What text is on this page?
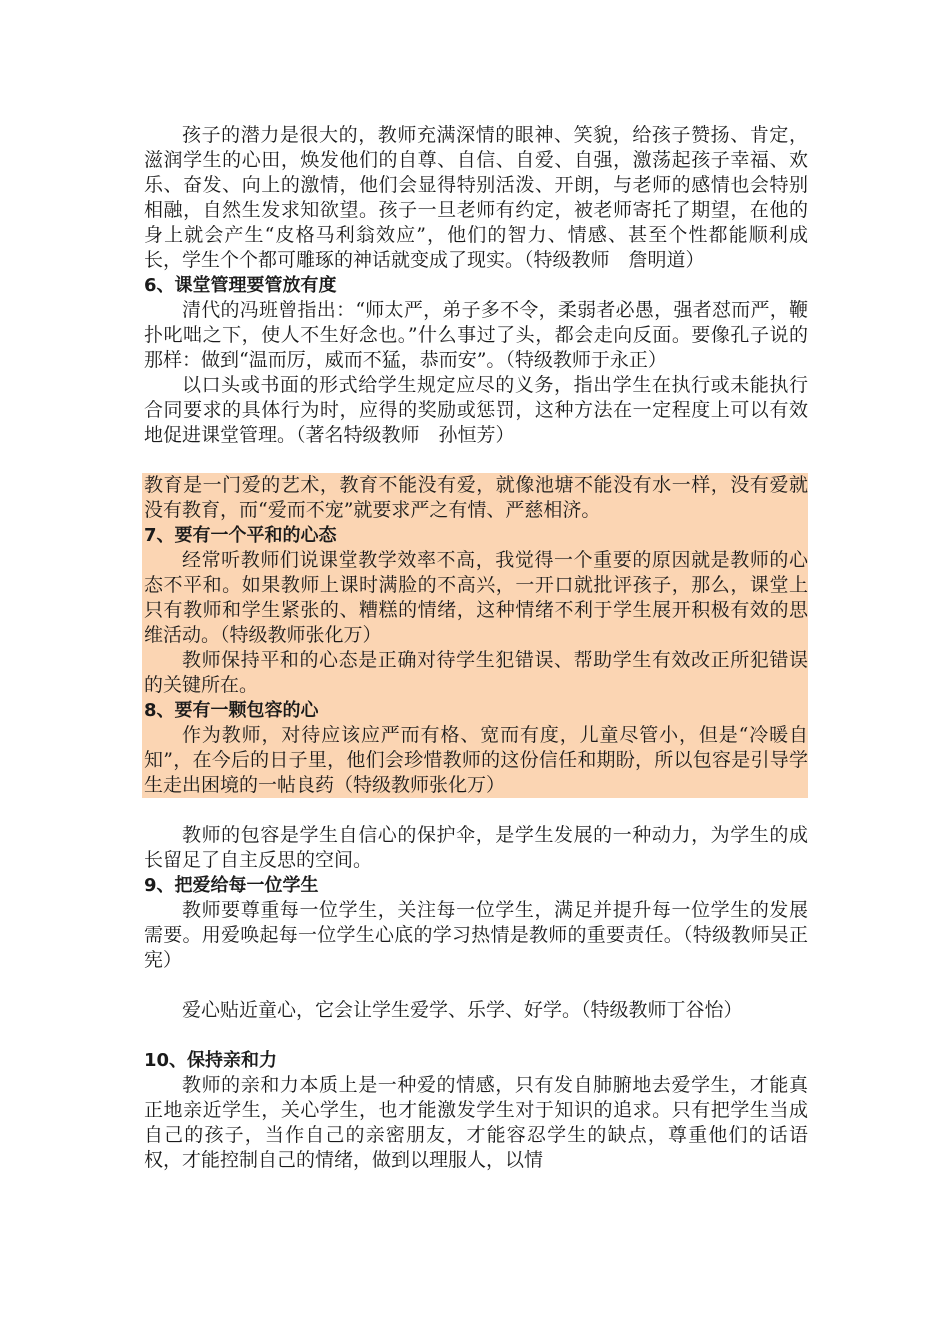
孩子的潜力是很大的，教师充满深情的眼神、笑貌，给孩子赞扬、肯定，滋润学生的心田，焕发他们的自尊、自信、自爱、自强，激荡起孩子幸福、欢乐、奋发、向上的激情，他们会显得特别活泼、开朗，与老师的感情也会特别相融，自然生发求知欲望。孩子一旦老师有约定，被老师寄托了期望，在他的身上就会产生“皮格马利翁效应”，他们的智力、情感、甚至个性都能顺利成长，学生个个都可雕琢的神话就变成了现实。（特级教师　詹明道）

6、课堂管理要管放有度

清代的冯班曾指出：“师太严，弟子多不令，柔弱者必愚，强者怼而严，鞭扑叱咄之下，使人不生好念也。”什么事过了头，都会走向反面。要像孔子说的那样：做到“温而厉，威而不猛，恭而安”。（特级教师于永正）

以口头或书面的形式给学生规定应尽的义务，指出学生在执行或未能执行合同要求的具体行为时，应得的奖励或惩罚，这种方法在一定程度上可以有效地促进课堂管理。（著名特级教师　孙恒芳）

教育是一门爱的艺术，教育不能没有爱，就像池塘不能没有水一样，没有爱就没有教育，而“爱而不宠”就要求严之有情、严慈相济。

7、要有一个平和的心态

经常听教师们说课堂教学效率不高，我觉得一个重要的原因就是教师的心态不平和。如果教师上课时满脸的不高兴，一开口就批评孩子，那么，课堂上只有教师和学生紧张的、糟糕的情绪，这种情绪不利于学生展开积极有效的思维活动。（特级教师张化万）

教师保持平和的心态是正确对待学生犯错误、帮助学生有效改正所犯错误的关键所在。

8、要有一颗包容的心

作为教师，对待应该应严而有格、宽而有度，儿童尽管小，但是“冷暖自知”，在今后的日子里，他们会珍惜教师的这份信任和期盼，所以包容是引导学生走出困境的一帖良药（特级教师张化万）

教师的包容是学生自信心的保护伞，是学生发展的一种动力，为学生的成长留足了自主反思的空间。

9、把爱给每一位学生

教师要尊重每一位学生，关注每一位学生，满足并提升每一位学生的发展需要。用爱唤起每一位学生心底的学习热情是教师的重要责任。（特级教师吴正宪）

爱心贴近童心，它会让学生爱学、乐学、好学。（特级教师丁谷怡）

10、保持亲和力

教师的亲和力本质上是一种爱的情感，只有发自肺腑地去爱学生，才能真正地亲近学生，关心学生，也才能激发学生对于知识的追求。只有把学生当成自己的孩子，当作自己的亲密朋友，才能容忍学生的缺点，尊重他们的话语权，才能控制自己的情绪，做到以理服人，以情
